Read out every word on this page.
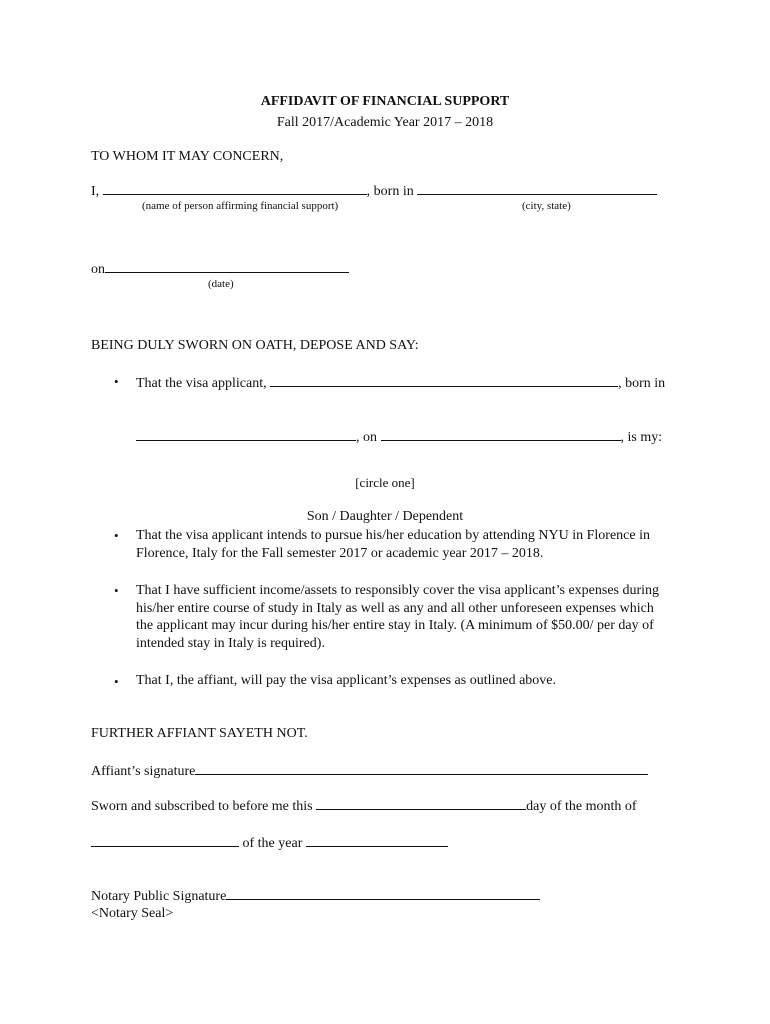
AFFIDAVIT OF FINANCIAL SUPPORT
Fall 2017/Academic Year 2017 – 2018
TO WHOM IT MAY CONCERN,
I,	, born in
(name of person affirming financial support)	(city, state)
on
(date)
BEING DULY SWORN ON OATH, DEPOSE AND SAY:
• That the visa applicant,	, born in
, on	, is my:
[circle one]
Son / Daughter / Dependent
• That the visa applicant intends to pursue his/her education by attending NYU in Florence in Florence, Italy for the Fall semester 2017 or academic year 2017 – 2018.
• That I have sufficient income/assets to responsibly cover the visa applicant’s expenses during his/her entire course of study in Italy as well as any and all other unforeseen expenses which the applicant may incur during his/her entire stay in Italy. (A minimum of $50.00/ per day of intended stay in Italy is required).
• That I, the affiant, will pay the visa applicant’s expenses as outlined above.
FURTHER AFFIANT SAYETH NOT.
Affiant’s signature
Sworn and subscribed to before me this	day of the month of
of the year
Notary Public Signature
<Notary Seal>
